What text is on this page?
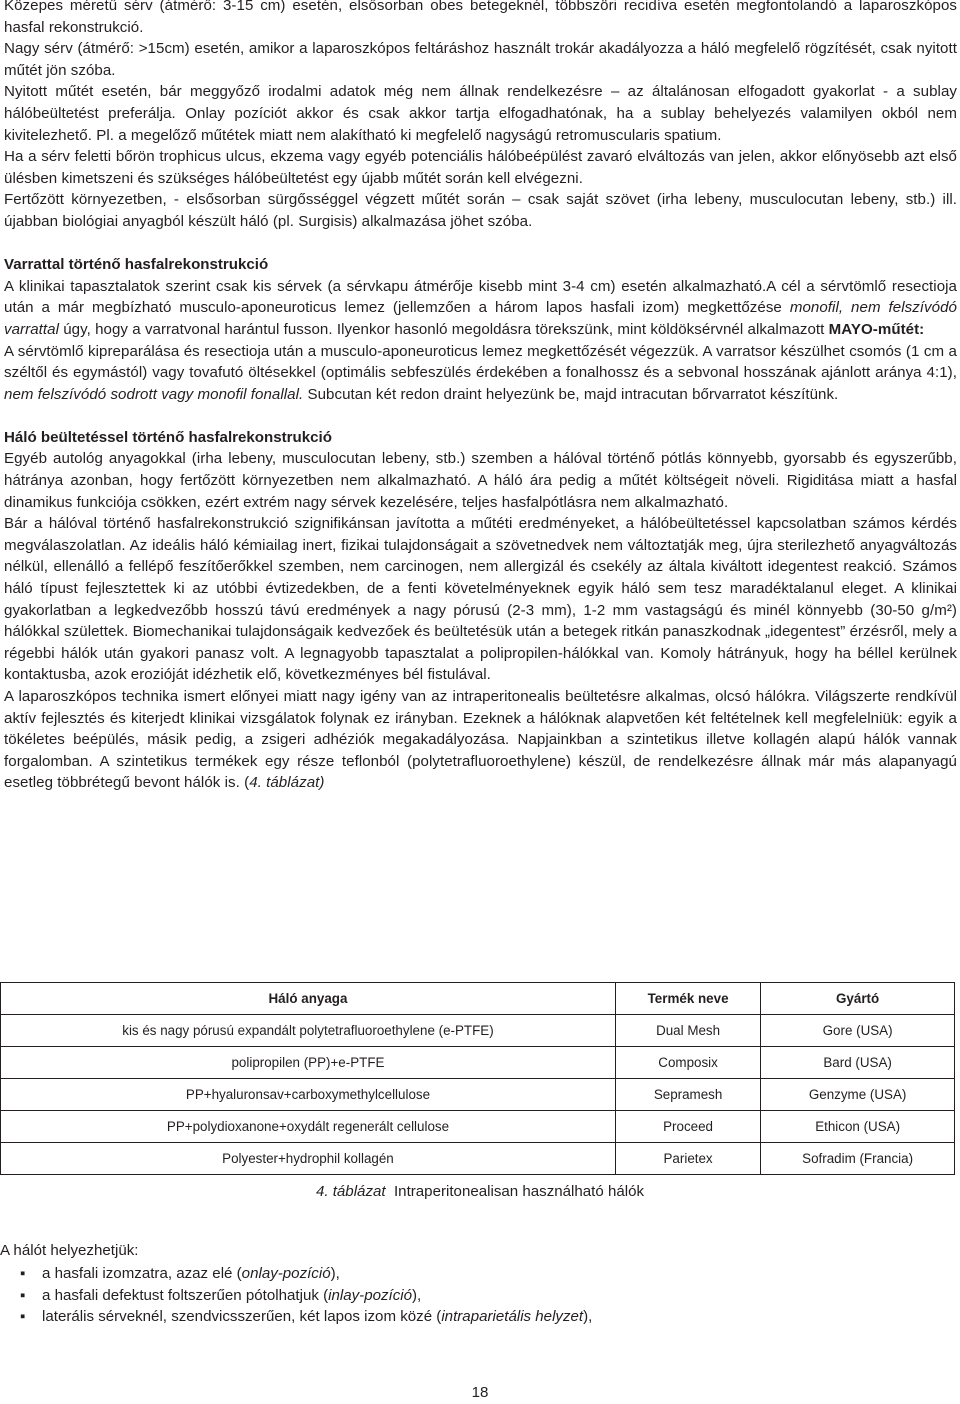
Közepes méretű sérv (átmérő: 3-15 cm) esetén, elsősorban obes betegeknél, többszöri recidíva esetén megfontolandó a laparoszkópos hasfal rekonstrukció.

Nagy sérv (átmérő: >15cm) esetén, amikor a laparoszkópos feltáráshoz használt trokár akadályozza a háló megfelelő rögzítését, csak nyitott műtét jön szóba.

Nyitott műtét esetén, bár meggyőző irodalmi adatok még nem állnak rendelkezésre – az általánosan elfogadott gyakorlat - a sublay hálóbeültetést preferálja. Onlay pozíciót akkor és csak akkor tartja elfogadhatónak, ha a sublay behelyezés valamilyen okból nem kivitelezhető. Pl. a megelőző műtétek miatt nem alakítható ki megfelelő nagyságú retromuscularis spatium.

Ha a sérv feletti bőrön trophicus ulcus, ekzema vagy egyéb potenciális hálóbeépülést zavaró elváltozás van jelen, akkor előnyösebb azt első ülésben kimetszeni és szükséges hálóbeültetést egy újabb műtét során kell elvégezni.

Fertőzött környezetben, - elsősorban sürgősséggel végzett műtét során – csak saját szövet (irha lebeny, musculocutan lebeny, stb.) ill. újabban biológiai anyagból készült háló (pl. Surgisis) alkalmazása jöhet szóba.

Varrattal történő hasfalrekonstrukció

A klinikai tapasztalatok szerint csak kis sérvek (a sérvkapu átmérője kisebb mint 3-4 cm) esetén alkalmazható.A cél a sérvtömlő resectioja után a már megbízható musculo-aponeuroticus lemez (jellemzően a három lapos hasfali izom) megkettőzése monofil, nem felszívódó varrattal úgy, hogy a varratvonal harántul fusson. Ilyenkor hasonló megoldásra törekszünk, mint köldöksérvnél alkalmazott MAYO-műtét:

A sérvtömlő kipreparálása és resectioja után a musculo-aponeuroticus lemez megkettőzését végezzük. A varratsor készülhet csomós (1 cm a széltől és egymástól) vagy tovafutó öltésekkel (optimális sebfeszülés érdekében a fonalhossz és a sebvonal hosszának ajánlott aránya 4:1), nem felszívódó sodrott vagy monofil fonallal. Subcutan két redon draint helyezünk be, majd intracutan bőrvarratot készítünk.

Háló beültetéssel történő hasfalrekonstrukció

Egyéb autológ anyagokkal (irha lebeny, musculocutan lebeny, stb.) szemben a hálóval történő pótlás könnyebb, gyorsabb és egyszerűbb, hátránya azonban, hogy fertőzött környezetben nem alkalmazható. A háló ára pedig a műtét költségeit növeli. Rigiditása miatt a hasfal dinamikus funkciója csökken, ezért extrém nagy sérvek kezelésére, teljes hasfalpótlásra nem alkalmazható.

Bár a hálóval történő hasfalrekonstrukció szignifikánsan javította a műtéti eredményeket, a hálóbeültetéssel kapcsolatban számos kérdés megválaszolatlan. Az ideális háló kémiailag inert, fizikai tulajdonságait a szövetnedvek nem változtatják meg, újra sterilezhető anyagváltozás nélkül, ellenálló a fellépő feszítőerőkkel szemben, nem carcinogen, nem allergizál és csekély az általa kiváltott idegentest reakció. Számos háló típust fejlesztettek ki az utóbbi évtizedekben, de a fenti követelményeknek egyik háló sem tesz maradéktalanul eleget. A klinikai gyakorlatban a legkedvezőbb hosszú távú eredmények a nagy pórusú (2-3 mm), 1-2 mm vastagságú és minél könnyebb (30-50 g/m²) hálókkal születtek. Biomechanikai tulajdonságaik kedvezőek és beültetésük után a betegek ritkán panaszkodnak „idegentest” érzésről, mely a régebbi hálók után gyakori panasz volt. A legnagyobb tapasztalat a polipropilen-hálókkal van. Komoly hátrányuk, hogy ha béllel kerülnek kontaktusba, azok erozióját idézhetik elő, következményes bél fistulával.

A laparoszkópos technika ismert előnyei miatt nagy igény van az intraperitonealis beültetésre alkalmas, olcsó hálókra. Világszerte rendkívül aktív fejlesztés és kiterjedt klinikai vizsgálatok folynak ez irányban. Ezeknek a hálóknak alapvetően két feltételnek kell megfelelniük: egyik a tökéletes beépülés, másik pedig, a zsigeri adhéziók megakadályozása. Napjainkban a szintetikus illetve kollagén alapú hálók vannak forgalomban. A szintetikus termékek egy része teflonból (polytetrafluoroethylene) készül, de rendelkezésre állnak már más alapanyagú esetleg többrétegű bevont hálók is. (4. táblázat)

Háló anyaga	Termék neve	Gyártó
kis és nagy pórusú expandált polytetrafluoroethylene (e-PTFE)	Dual Mesh	Gore (USA)
polipropilen (PP)+e-PTFE	Composix	Bard (USA)
PP+hyaluronsav+carboxymethylcellulose	Sepramesh	Genzyme (USA)
PP+polydioxanone+oxydált regenerált cellulose	Proceed	Ethicon (USA)
Polyester+hydrophil kollagén	Parietex	Sofradim (Francia)
4. táblázat Intraperitonealisan használható hálók
A hálót helyezhetjük:
▪ a hasfali izomzatra, azaz elé (onlay-pozíció),
▪ a hasfali defektust foltszerűen pótolhatjuk (inlay-pozíció),
▪ laterális sérveknél, szendvicsszerűen, két lapos izom közé (intraparietális helyzet),
18
